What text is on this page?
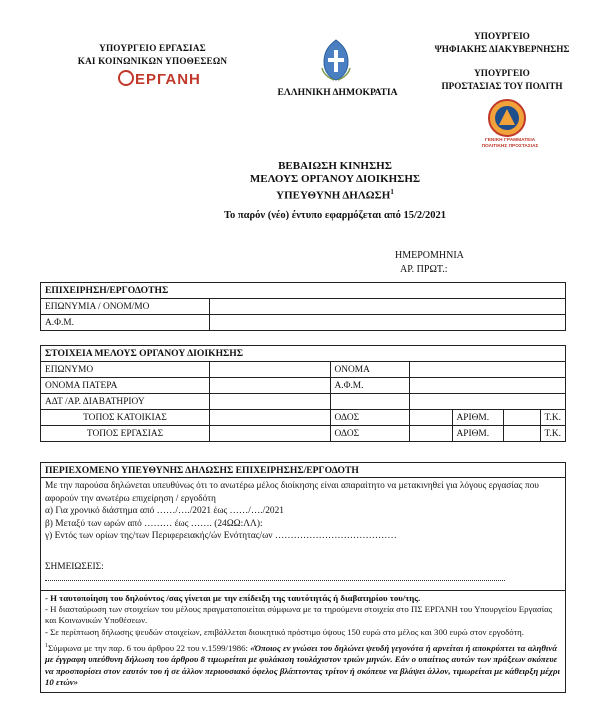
ΥΠΟΥΡΓΕΙΟ ΕΡΓΑΣΙΑΣ
ΚΑΙ ΚΟΙΝΩΝΙΚΩΝ ΥΠΟΘΕΣΕΩΝ
ΕΡΓΑΝΗ
ΕΛΛΗΝΙΚΗ ΔΗΜΟΚΡΑΤΙΑ
ΥΠΟΥΡΓΕΙΟ
ΨΗΦΙΑΚΗΣ ΔΙΑΚΥΒΕΡΝΗΣΗΣ
ΥΠΟΥΡΓΕΙΟ
ΠΡΟΣΤΑΣΙΑΣ ΤΟΥ ΠΟΛΙΤΗ
ΓΕΝΙΚΗ ΓΡΑΜΜΑΤΕΙΑ
ΠΟΛΙΤΙΚΗΣ ΠΡΟΣΤΑΣΙΑΣ
ΒΕΒΑΙΩΣΗ ΚΙΝΗΣΗΣ
ΜΕΛΟΥΣ ΟΡΓΑΝΟΥ ΔΙΟΙΚΗΣΗΣ
ΥΠΕΥΘΥΝΗ ΔΗΛΩΣΗ$^1$
Το παρόν (νέο) έντυπο εφαρμόζεται από 15/2/2021
ΗΜΕΡΟΜΗΝΙΑ
ΑΡ. ΠΡΩΤ.:
ΕΠΙΧΕΙΡΗΣΗ/ΕΡΓΟΔΟΤΗΣ	
ΕΠΩΝΥΜΙΑ / ΟΝΟΜ/ΜΟ	
Α.Φ.Μ.	
ΣΤΟΙΧΕΙΑ ΜΕΛΟΥΣ ΟΡΓΑΝΟΥ ΔΙΟΙΚΗΣΗΣ						
ΕΠΩΝΥΜΟ		ΟΝΟΜΑ				
ΟΝΟΜΑ ΠΑΤΕΡΑ		Α.Φ.Μ.				
ΑΔΤ /ΑΡ. ΔΙΑΒΑΤΗΡΙΟΥ						
ΤΟΠΟΣ ΚΑΤΟΙΚΙΑΣ		ΟΔΟΣ		ΑΡΙΘΜ.		Τ.Κ.
ΤΟΠΟΣ ΕΡΓΑΣΙΑΣ		ΟΔΟΣ		ΑΡΙΘΜ.		Τ.Κ.
ΠΕΡΙΕΧΟΜΕΝΟ ΥΠΕΥΘΥΝΗΣ ΔΗΛΩΣΗΣ ΕΠΙΧΕΙΡΗΣΗΣ/ΕΡΓΟΔΟΤΗ

Με την παρούσα δηλώνεται υπευθύνως ότι το ανωτέρω μέλος διοίκησης είναι απαραίτητο να μετακινηθεί για λόγους εργασίας που αφορούν την ανωτέρω επιχείρηση / εργοδότη
α) Για χρονικό διάστημα από ……/…./2021 έως ……/…./2021
β) Μεταξύ των ωρών από ……… έως ……. (24ΩΩ:ΛΛ):
γ) Εντός των ορίων της/των Περιφερειακής/ών Ενότητας/ων …………………………………
ΣΗΜΕΙΩΣΕΙΣ:

- Η ταυτοποίηση του δηλούντος /σας γίνεται με την επίδειξη της ταυτότητάς ή διαβατηρίου του/της.

- Η διασταύρωση των στοιχείων του μέλους πραγματοποιείται σύμφωνα με τα τηρούμενα στοιχεία στο ΠΣ ΕΡΓΑΝΗ του Υπουργείου Εργασίας και Κοινωνικών Υποθέσεων.

- Σε περίπτωση δήλωσης ψευδών στοιχείων, επιβάλλεται διοικητικό πρόστιμο ύψους 150 ευρώ στο μέλος και 300 ευρώ στον εργοδότη.

$^1$Σύμφωνα με την παρ. 6 του άρθρου 22 του ν.1599/1986: «Όποιος εν γνώσει του δηλώνει ψευδή γεγονότα ή αρνείται ή αποκρύπτει τα αληθινά με έγγραφη υπεύθυνη δήλωση του άρθρου 8 τιμωρείται με φυλάκιση τουλάχιστον τριών μηνών. Εάν ο υπαίτιος αυτών των πράξεων σκόπευε να προσπορίσει στον εαυτόν του ή σε άλλον περιουσιακό όφελος βλάπτοντας τρίτον ή σκόπευε να βλάψει άλλον, τιμωρείται με κάθειρξη μέχρι 10 ετών»
